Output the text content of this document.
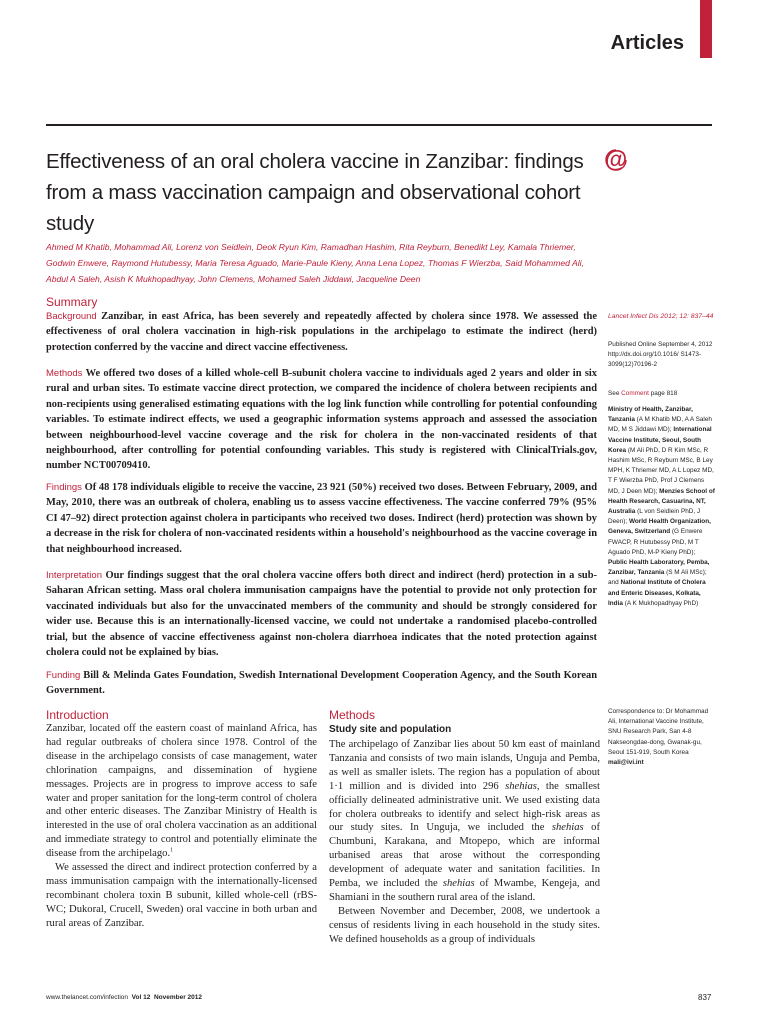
Articles
Effectiveness of an oral cholera vaccine in Zanzibar: findings from a mass vaccination campaign and observational cohort study
@

Ahmed M Khatib, Mohammad Ali, Lorenz von Seidlein, Deok Ryun Kim, Ramadhan Hashim, Rita Reyburn, Benedikt Ley, Kamala Thriemer, Godwin Enwere, Raymond Hutubessy, Maria Teresa Aguado, Marie-Paule Kieny, Anna Lena Lopez, Thomas F Wierzba, Said Mohammed Ali, Abdul A Saleh, Asish K Mukhopadhyay, John Clemens, Mohamed Saleh Jiddawi, Jacqueline Deen

Summary

Background Zanzibar, in east Africa, has been severely and repeatedly affected by cholera since 1978. We assessed the effectiveness of oral cholera vaccination in high-risk populations in the archipelago to estimate the indirect (herd) protection conferred by the vaccine and direct vaccine effectiveness.

Methods We offered two doses of a killed whole-cell B-subunit cholera vaccine to individuals aged 2 years and older in six rural and urban sites. To estimate vaccine direct protection, we compared the incidence of cholera between recipients and non-recipients using generalised estimating equations with the log link function while controlling for potential confounding variables. To estimate indirect effects, we used a geographic information systems approach and assessed the association between neighbourhood-level vaccine coverage and the risk for cholera in the non-vaccinated residents of that neighbourhood, after controlling for potential confounding variables. This study is registered with ClinicalTrials.gov, number NCT00709410.

Findings Of 48 178 individuals eligible to receive the vaccine, 23 921 (50%) received two doses. Between February, 2009, and May, 2010, there was an outbreak of cholera, enabling us to assess vaccine effectiveness. The vaccine conferred 79% (95% CI 47–92) direct protection against cholera in participants who received two doses. Indirect (herd) protection was shown by a decrease in the risk for cholera of non-vaccinated residents within a household's neighbourhood as the vaccine coverage in that neighbourhood increased.

Interpretation Our findings suggest that the oral cholera vaccine offers both direct and indirect (herd) protection in a sub-Saharan African setting. Mass oral cholera immunisation campaigns have the potential to provide not only protection for vaccinated individuals but also for the unvaccinated members of the community and should be strongly considered for wider use. Because this is an internationally-licensed vaccine, we could not undertake a randomised placebo-controlled trial, but the absence of vaccine effectiveness against non-cholera diarrhoea indicates that the noted protection against cholera could not be explained by bias.

Funding Bill & Melinda Gates Foundation, Swedish International Development Cooperation Agency, and the South Korean Government.

Lancet Infect Dis 2012; 12: 837–44
Published Online September 4, 2012 http://dx.doi.org/10.1016/ S1473-3099(12)70196-2
See Comment page 818
Ministry of Health, Zanzibar, Tanzania (A M Khatib MD, A A Saleh MD, M S Jiddawi MD); International Vaccine Institute, Seoul, South Korea (M Ali PhD, D R Kim MSc, R Hashim MSc, R Reyburn MSc, B Ley MPH, K Thriemer MD, A L Lopez MD, T F Wierzba PhD, Prof J Clemens MD, J Deen MD); Menzies School of Health Research, Casuarina, NT, Australia (L von Seidlein PhD, J Deen); World Health Organization, Geneva, Switzerland (G Enwere FWACP, R Hutubessy PhD, M T Aguado PhD, M-P Kieny PhD); Public Health Laboratory, Pemba, Zanzibar, Tanzania (S M Ali MSc); and National Institute of Cholera and Enteric Diseases, Kolkata, India (A K Mukhopadhyay PhD)
Correspondence to: Dr Mohammad Ali, International Vaccine Institute, SNU Research Park, San 4-8 Nakseongdae-dong, Gwanak-gu, Seoul 151-919, South Korea
mali@ivi.int
Introduction

Zanzibar, located off the eastern coast of mainland Africa, has had regular outbreaks of cholera since 1978. Control of the disease in the archipelago consists of case management, water chlorination campaigns, and dissemination of hygiene messages. Projects are in progress to improve access to safe water and proper sanitation for the long-term control of cholera and other enteric diseases. The Zanzibar Ministry of Health is interested in the use of oral cholera vaccination as an additional and immediate strategy to control and potentially eliminate the disease from the archipelago.$^1$

We assessed the direct and indirect protection conferred by a mass immunisation campaign with the internationally-licensed recombinant cholera toxin B subunit, killed whole-cell (rBS-WC; Dukoral, Crucell, Sweden) oral vaccine in both urban and rural areas of Zanzibar.

Methods
Study site and population

The archipelago of Zanzibar lies about 50 km east of mainland Tanzania and consists of two main islands, Unguja and Pemba, as well as smaller islets. The region has a population of about 1·1 million and is divided into 296 shehias, the smallest officially delineated administrative unit. We used existing data for cholera outbreaks to identify and select high-risk areas as our study sites. In Unguja, we included the shehias of Chumbuni, Karakana, and Mtopepo, which are informal urbanised areas that arose without the corresponding development of adequate water and sanitation facilities. In Pemba, we included the shehias of Mwambe, Kengeja, and Shamiani in the southern rural area of the island.

Between November and December, 2008, we undertook a census of residents living in each household in the study sites. We defined households as a group of individuals

www.thelancet.com/infection Vol 12 November 2012	837
